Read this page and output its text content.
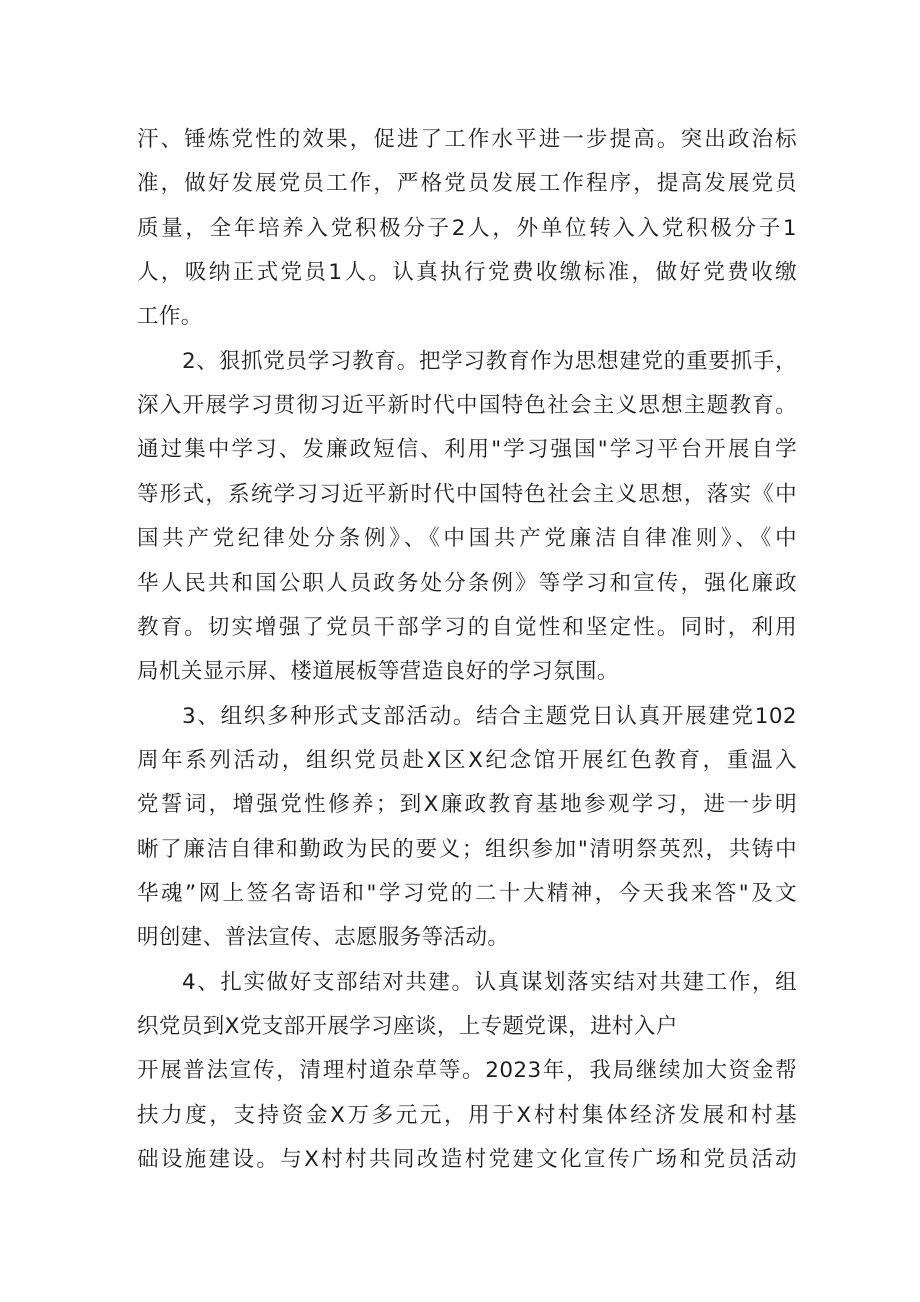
汗、锤炼党性的效果，促进了工作水平进一步提高。突出政治标
准，做好发展党员工作，严格党员发展工作程序，提高发展党员
质量，全年培养入党积极分子2人，外单位转入入党积极分子1
人，吸纳正式党员1人。认真执行党费收缴标准，做好党费收缴
工作。
2、狠抓党员学习教育。把学习教育作为思想建党的重要抓手，
深入开展学习贯彻习近平新时代中国特色社会主义思想主题教育。
通过集中学习、发廉政短信、利用"学习强国"学习平台开展自学
等形式，系统学习习近平新时代中国特色社会主义思想，落实《中
国共产党纪律处分条例》、《中国共产党廉洁自律准则》、《中
华人民共和国公职人员政务处分条例》等学习和宣传，强化廉政
教育。切实增强了党员干部学习的自觉性和坚定性。同时，利用
局机关显示屏、楼道展板等营造良好的学习氛围。
3、组织多种形式支部活动。结合主题党日认真开展建党102
周年系列活动，组织党员赴X区X纪念馆开展红色教育，重温入
党誓词，增强党性修养；到X廉政教育基地参观学习，进一步明
晰了廉洁自律和勤政为民的要义；组织参加"清明祭英烈，共铸中
华魂”网上签名寄语和"学习党的二十大精神，今天我来答"及文
明创建、普法宣传、志愿服务等活动。
4、扎实做好支部结对共建。认真谋划落实结对共建工作，组
织党员到X党支部开展学习座谈，上专题党课，进村入户
开展普法宣传，清理村道杂草等。2023年，我局继续加大资金帮
扶力度，支持资金X万多元元，用于X村村集体经济发展和村基
础设施建设。与X村村共同改造村党建文化宣传广场和党员活动
